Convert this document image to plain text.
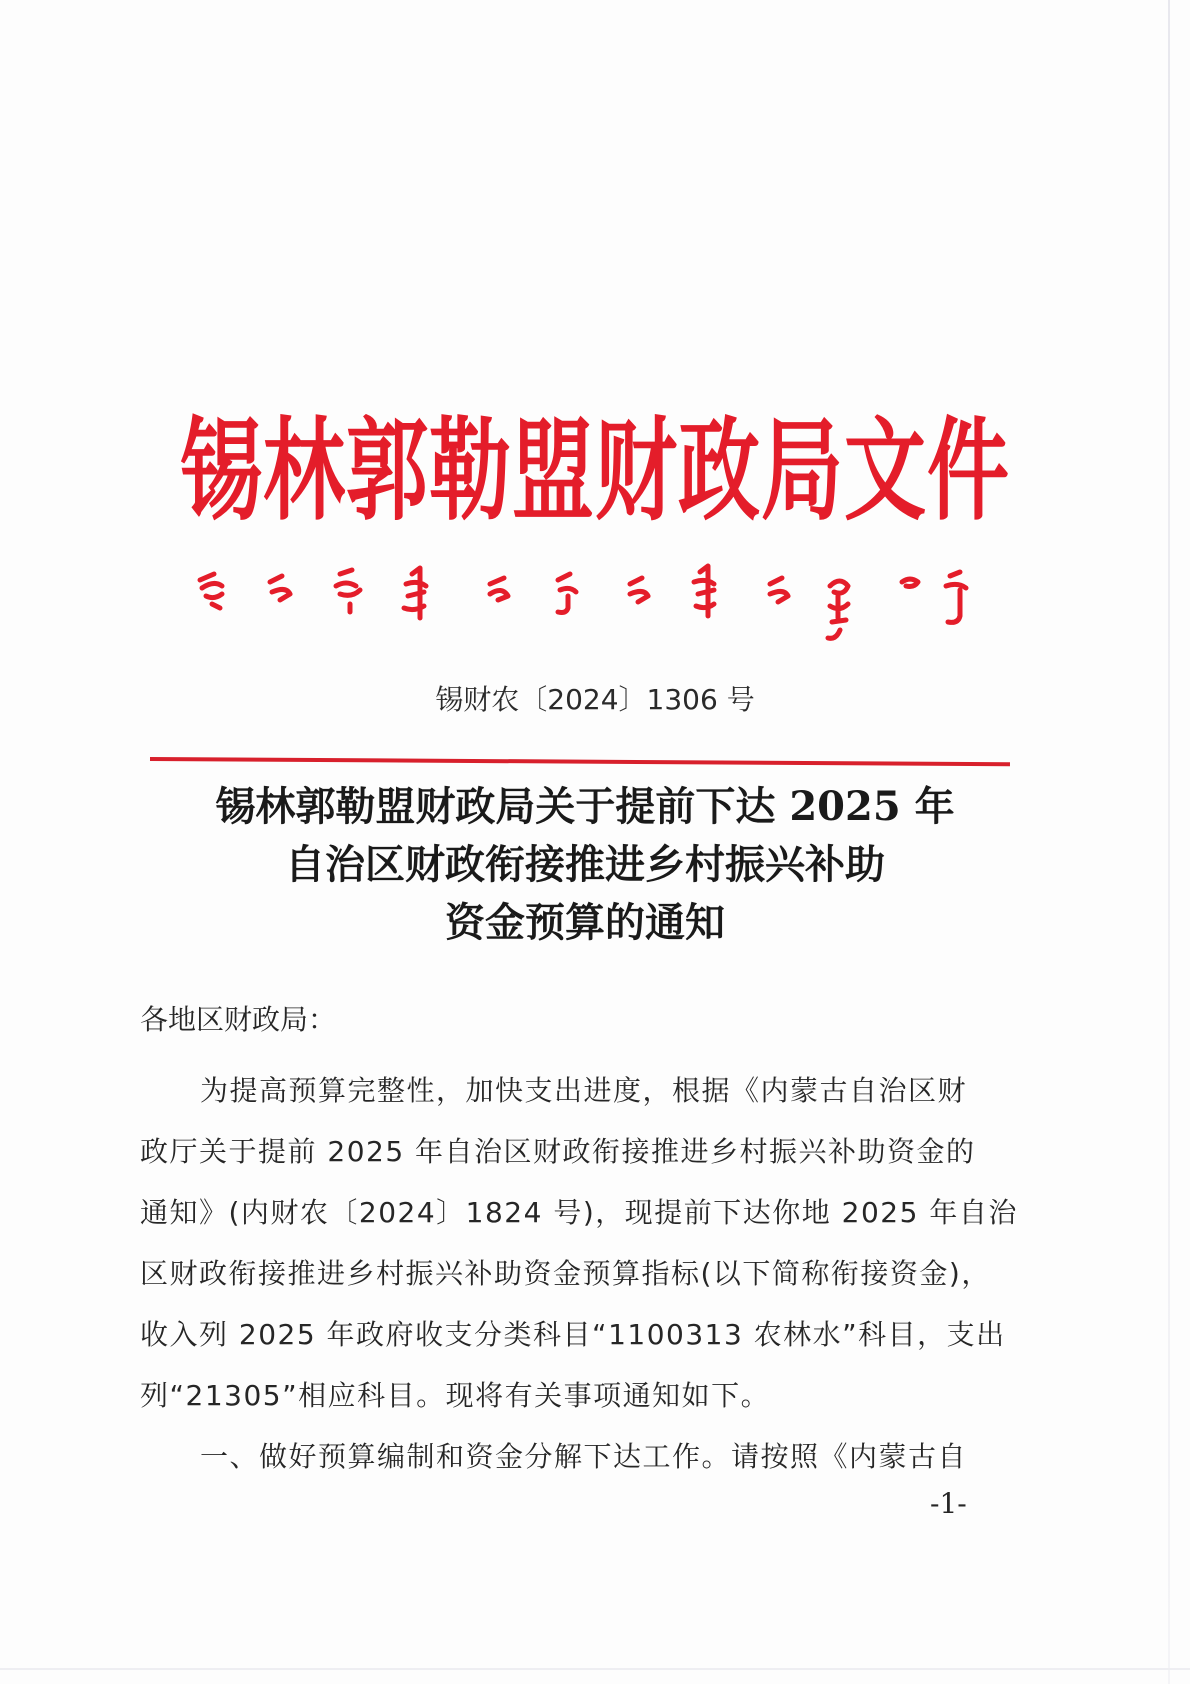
锡林郭勒盟财政局文件
锡财农〔2024〕1306 号
锡林郭勒盟财政局关于提前下达 2025 年
自治区财政衔接推进乡村振兴补助
资金预算的通知
各地区财政局：
为提高预算完整性，加快支出进度，根据《内蒙古自治区财
政厅关于提前 2025 年自治区财政衔接推进乡村振兴补助资金的
通知》(内财农〔2024〕1824 号)，现提前下达你地 2025 年自治
区财政衔接推进乡村振兴补助资金预算指标(以下简称衔接资金)，
收入列 2025 年政府收支分类科目“1100313 农林水”科目，支出
列“21305”相应科目。现将有关事项通知如下。
一、做好预算编制和资金分解下达工作。请按照《内蒙古自
-1-
